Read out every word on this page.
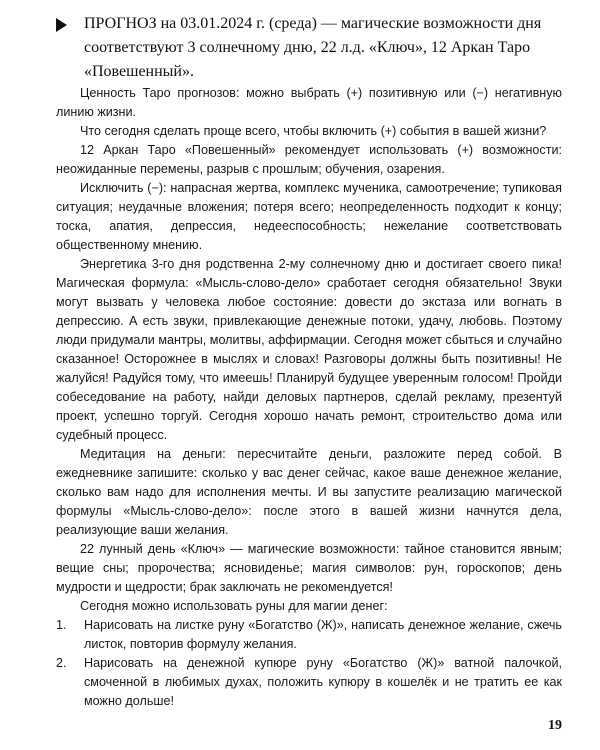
ПРОГНОЗ на 03.01.2024 г. (среда) — магические возможности дня соответствуют 3 солнечному дню, 22 л.д. «Ключ», 12 Аркан Таро «Повешенный».

Ценность Таро прогнозов: можно выбрать (+) позитивную или (−) негативную линию жизни.

Что сегодня сделать проще всего, чтобы включить (+) события в вашей жизни?

12 Аркан Таро «Повешенный» рекомендует использовать (+) возможности: неожиданные перемены, разрыв с прошлым; обучения, озарения.

Исключить (−): напрасная жертва, комплекс мученика, самоотречение; тупиковая ситуация; неудачные вложения; потеря всего; неопределенность подходит к концу; тоска, апатия, депрессия, недееспособность; нежелание соответствовать общественному мнению.

Энергетика 3-го дня родственна 2-му солнечному дню и достигает своего пика! Магическая формула: «Мысль-слово-дело» сработает сегодня обязательно! Звуки могут вызвать у человека любое состояние: довести до экстаза или вогнать в депрессию. А есть звуки, привлекающие денежные потоки, удачу, любовь. Поэтому люди придумали мантры, молитвы, аффирмации. Сегодня может сбыться и случайно сказанное! Осторожнее в мыслях и словах! Разговоры должны быть позитивны! Не жалуйся! Радуйся тому, что имеешь! Планируй будущее уверенным голосом! Пройди собеседование на работу, найди деловых партнеров, сделай рекламу, презентуй проект, успешно торгуй. Сегодня хорошо начать ремонт, строительство дома или судебный процесс.

Медитация на деньги: пересчитайте деньги, разложите перед собой. В ежедневнике запишите: сколько у вас денег сейчас, какое ваше денежное желание, сколько вам надо для исполнения мечты. И вы запустите реализацию магической формулы «Мысль-слово-дело»: после этого в вашей жизни начнутся дела, реализующие ваши желания.

22 лунный день «Ключ» — магические возможности: тайное становится явным; вещие сны; пророчества; ясновиденье; магия символов: рун, гороскопов; день мудрости и щедрости; брак заключать не рекомендуется!

Сегодня можно использовать руны для магии денег:

1. Нарисовать на листке руну «Богатство (Ж)», написать денежное желание, сжечь листок, повторив формулу желания.
2. Нарисовать на денежной купюре руну «Богатство (Ж)» ватной палочкой, смоченной в любимых духах, положить купюру в кошелёк и не тратить ее как можно дольше!
19
